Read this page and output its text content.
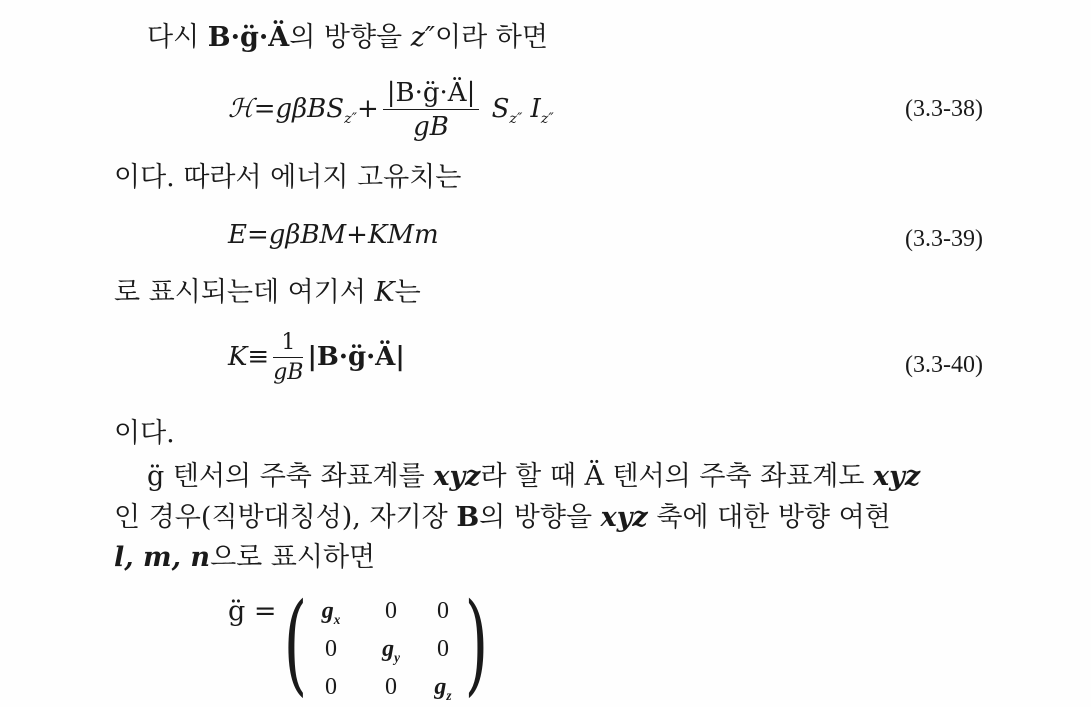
다시 B·g̈·Ä의 방향을 z″이라 하면
ℋ=gβBS$_{z''}$+ $\frac{|B\cdot g̈\cdot Ä|}{gB} S_{z''}$ $I_{z''}$	(3.3-38)
이다. 따라서 에너지 고유치는
E=gβBM+KMm	(3.3-39)
로 표시되는데 여기서 K는
$K\equiv \frac{1}{gB}$ |B·g̈·Ä|	(3.3-40)
이다.
g̈ 텐서의 주축 좌표계를 xyz라 할 때 Ä 텐서의 주축 좌표계도 xyz
인 경우(직방대칭성), 자기장 B의 방향을 xyz 축에 대한 방향 여현
l, m, n으로 표시하면
g̈ = ( )
$g_x$	0	0
0	$g_y$	0
0	0	$g_z$
